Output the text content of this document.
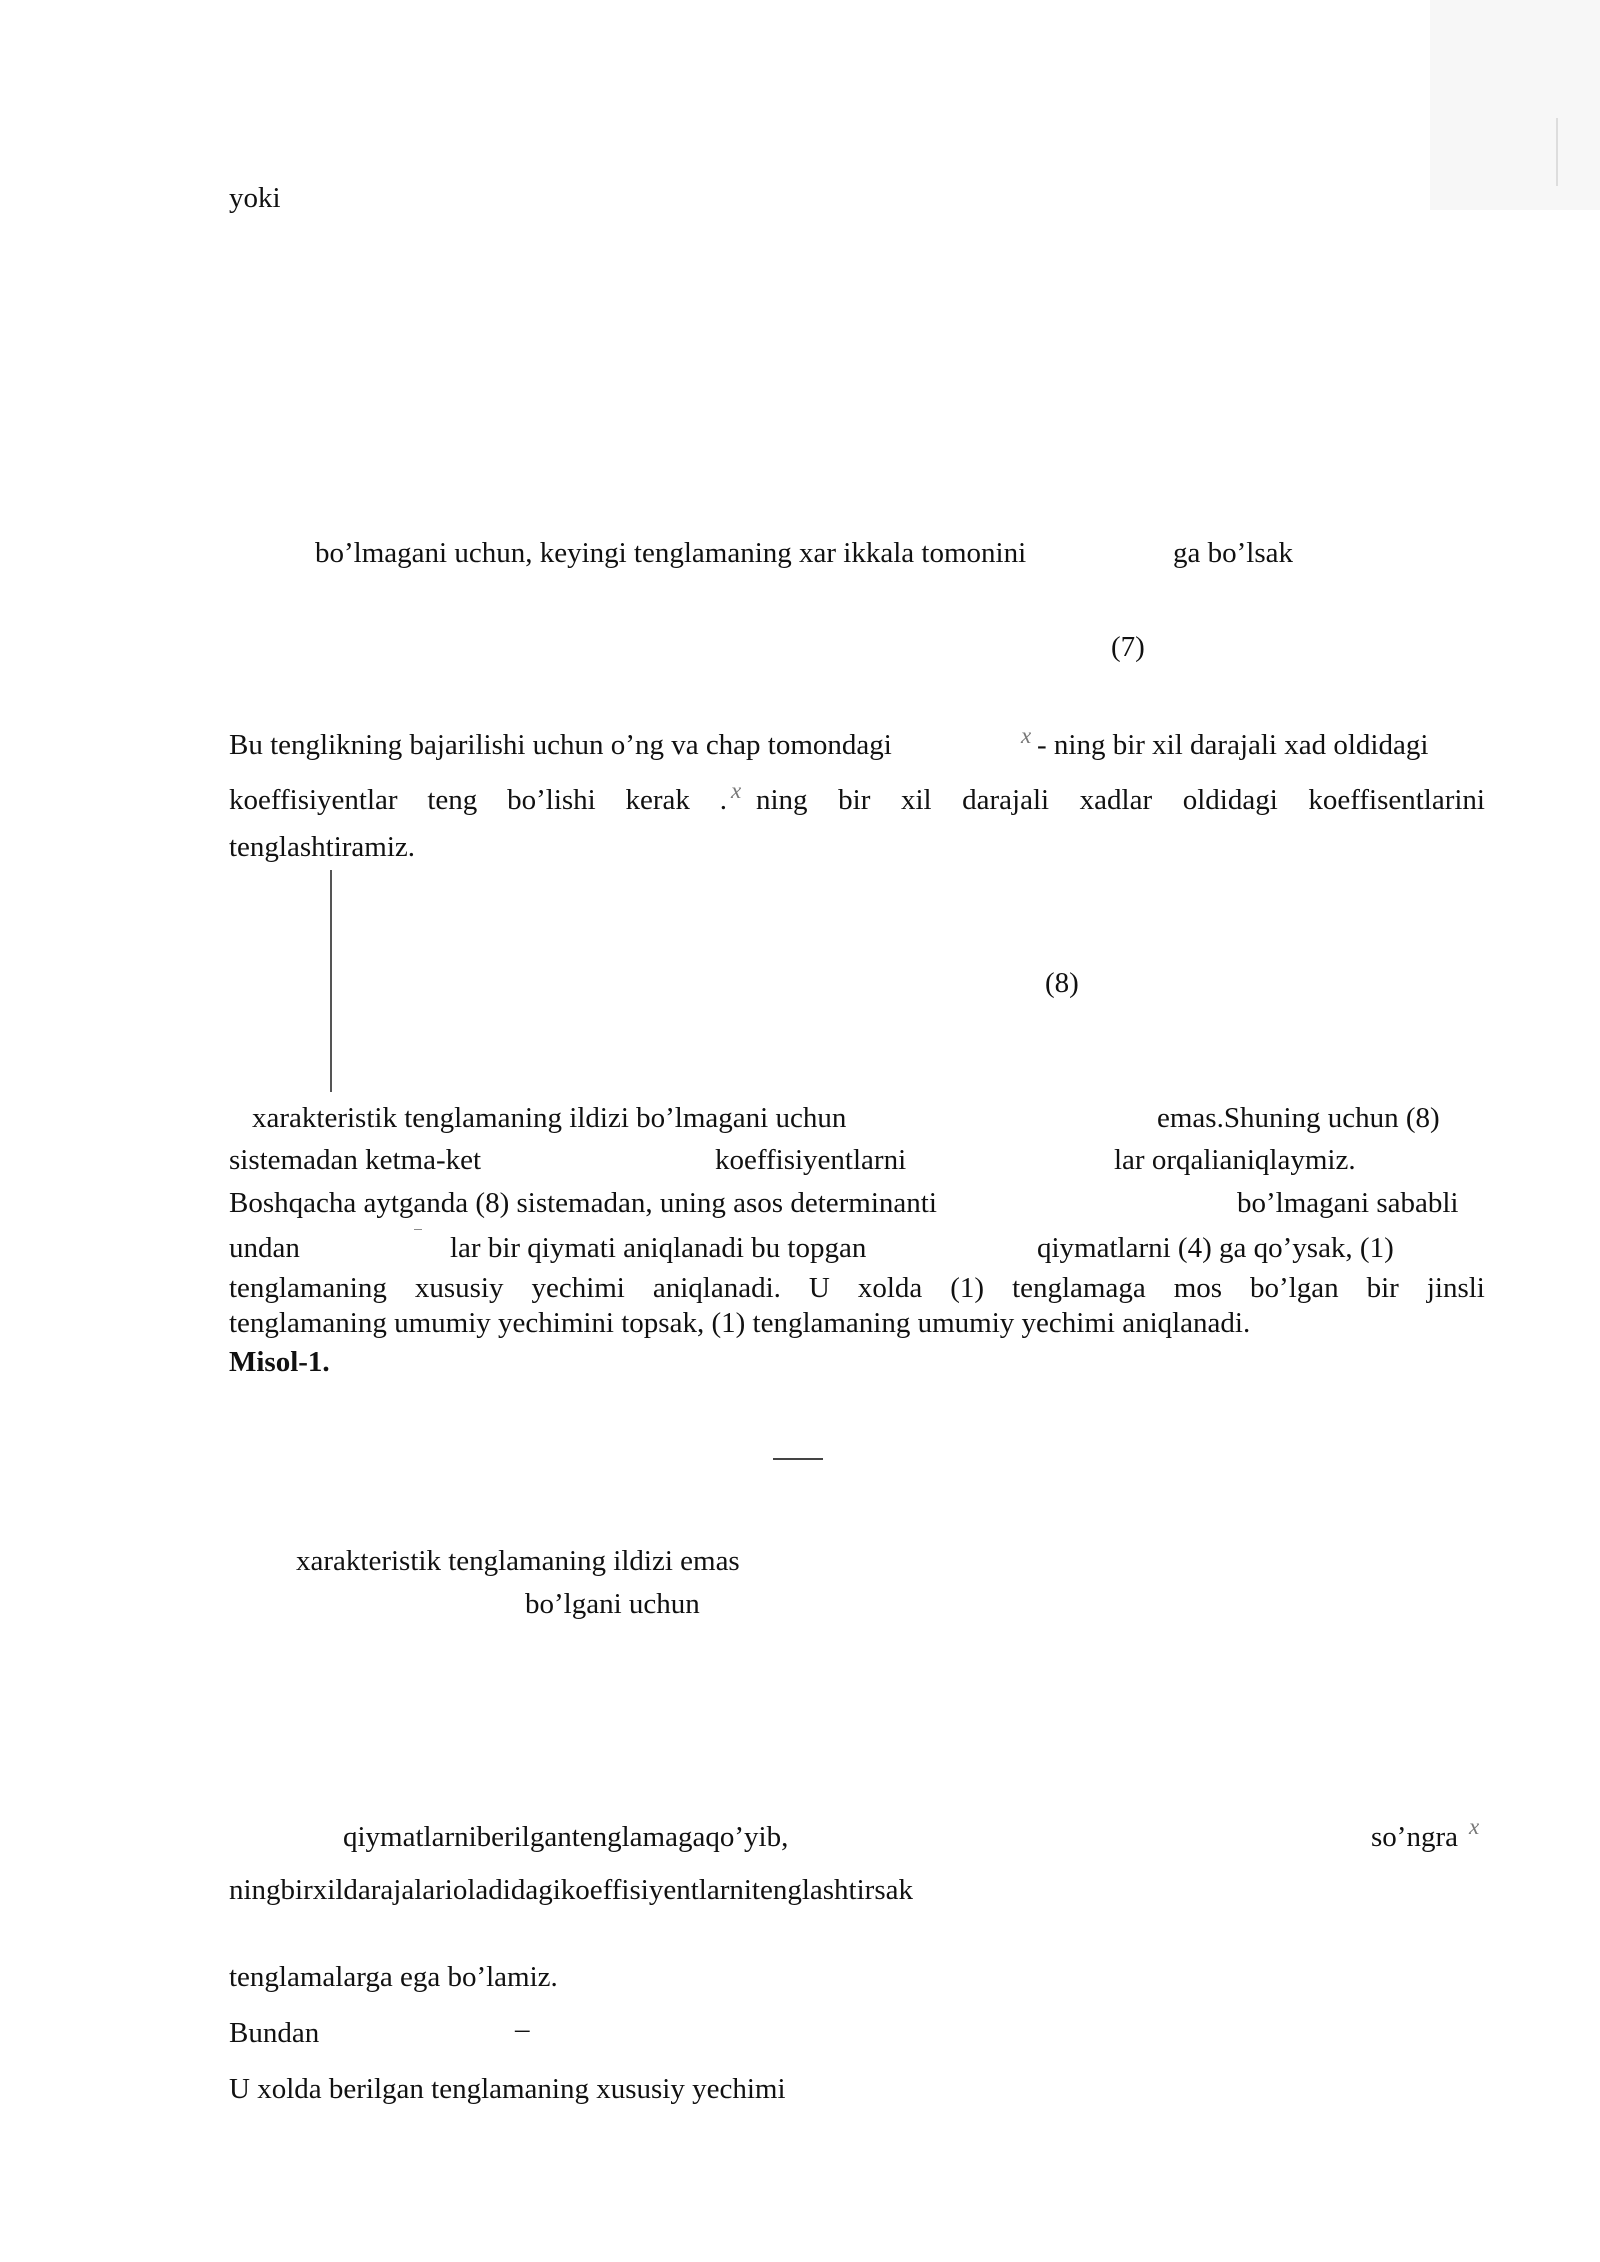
yoki
bo’lmagani uchun, keyingi tenglamaning xar ikkala tomonini	ga bo’lsak
(7)
Bu tenglikning bajarilishi uchun o’ng va chap tomondagi	x - ning bir xil darajali xad oldidagi
koeffisiyentlar teng bo’lishi kerak . x ning bir xil darajali xadlar oldidagi koeffisentlarini
tenglashtiramiz.
(8)
xarakteristik tenglamaning ildizi bo’lmagani uchun	emas.Shuning uchun (8)
sistemadan ketma-ket	koeffisiyentlarni	lar orqalianiqlaymiz.
Boshqacha aytganda (8) sistemadan, uning asos determinanti	bo’lmagani sababli
undan	lar bir qiymati aniqlanadi bu topgan	qiymatlarni (4) ga qo’ysak, (1)
tenglamaning xususiy yechimi aniqlanadi. U xolda (1) tenglamaga mos bo’lgan bir jinsli
tenglamaning umumiy yechimini topsak, (1) tenglamaning umumiy yechimi aniqlanadi.
Misol-1.
xarakteristik tenglamaning ildizi emas
bo’lgani uchun
qiymatlarniberilgantenglamagaqo’yib,	so’ngra x
ningbirxildarajalarioladidagikoeffisiyentlarnitenglashtirsak
tenglamalarga ega bo’lamiz.
Bundan	–
U xolda berilgan tenglamaning xususiy yechimi
